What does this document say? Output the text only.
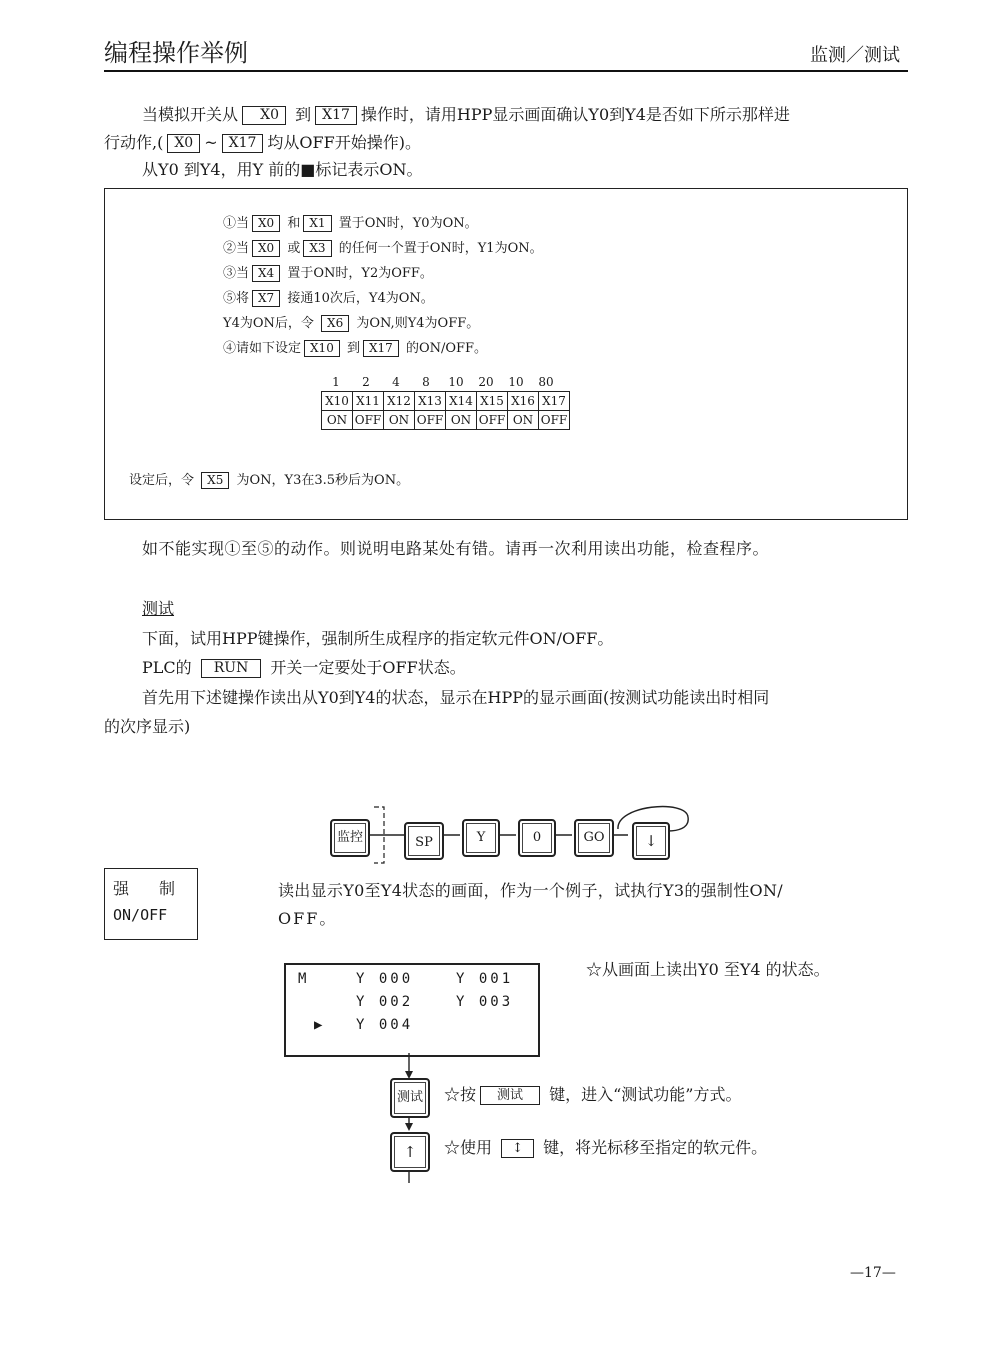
编程操作举例	监测／测试
当模拟开关从 X0 到 X17 操作时，请用HPP显示画面确认Y0到Y4是否如下所示那样进
行动作,( X0 ~ X17 均从OFF开始操作)。
从Y0 到Y4，用Y 前的■标记表示ON。
①当 X0 和 X1 置于ON时，Y0为ON。
②当 X0 或 X3 的任何一个置于ON时，Y1为ON。
③当 X4 置于ON时，Y2为OFF。
⑤将 X7 接通10次后，Y4为ON。
Y4为ON后，令 X6 为ON,则Y4为OFF。
④请如下设定 X10 到 X17 的ON/OFF。
1	2	4	8	10	20	10	80
X10	X11	X12	X13	X14	X15	X16	X17
ON	OFF	ON	OFF	ON	OFF	ON	OFF
设定后，令 X5 为ON，Y3在3.5秒后为ON。
如不能实现①至⑤的动作。则说明电路某处有错。请再一次利用读出功能，检查程序。
测试
下面，试用HPP键操作，强制所生成程序的指定软元件ON/OFF。
PLC的 RUN 开关一定要处于OFF状态。
首先用下述键操作读出从Y0到Y4的状态，显示在HPP的显示画面(按测试功能读出时相同
的次序显示)
监控	SP	Y	0	GO	↓
强 制
ON/OFF
读出显示Y0至Y4状态的画面，作为一个例子，试执行Y3的强制性ON/
OFF。
M	Y 000	Y 001
Y 002	Y 003
▶ Y 004
☆从画面上读出Y0 至Y4 的状态。
测试
↑
☆按 测试 键，进入“测试功能”方式。
☆使用 ↕ 键，将光标移至指定的软元件。
—17—
